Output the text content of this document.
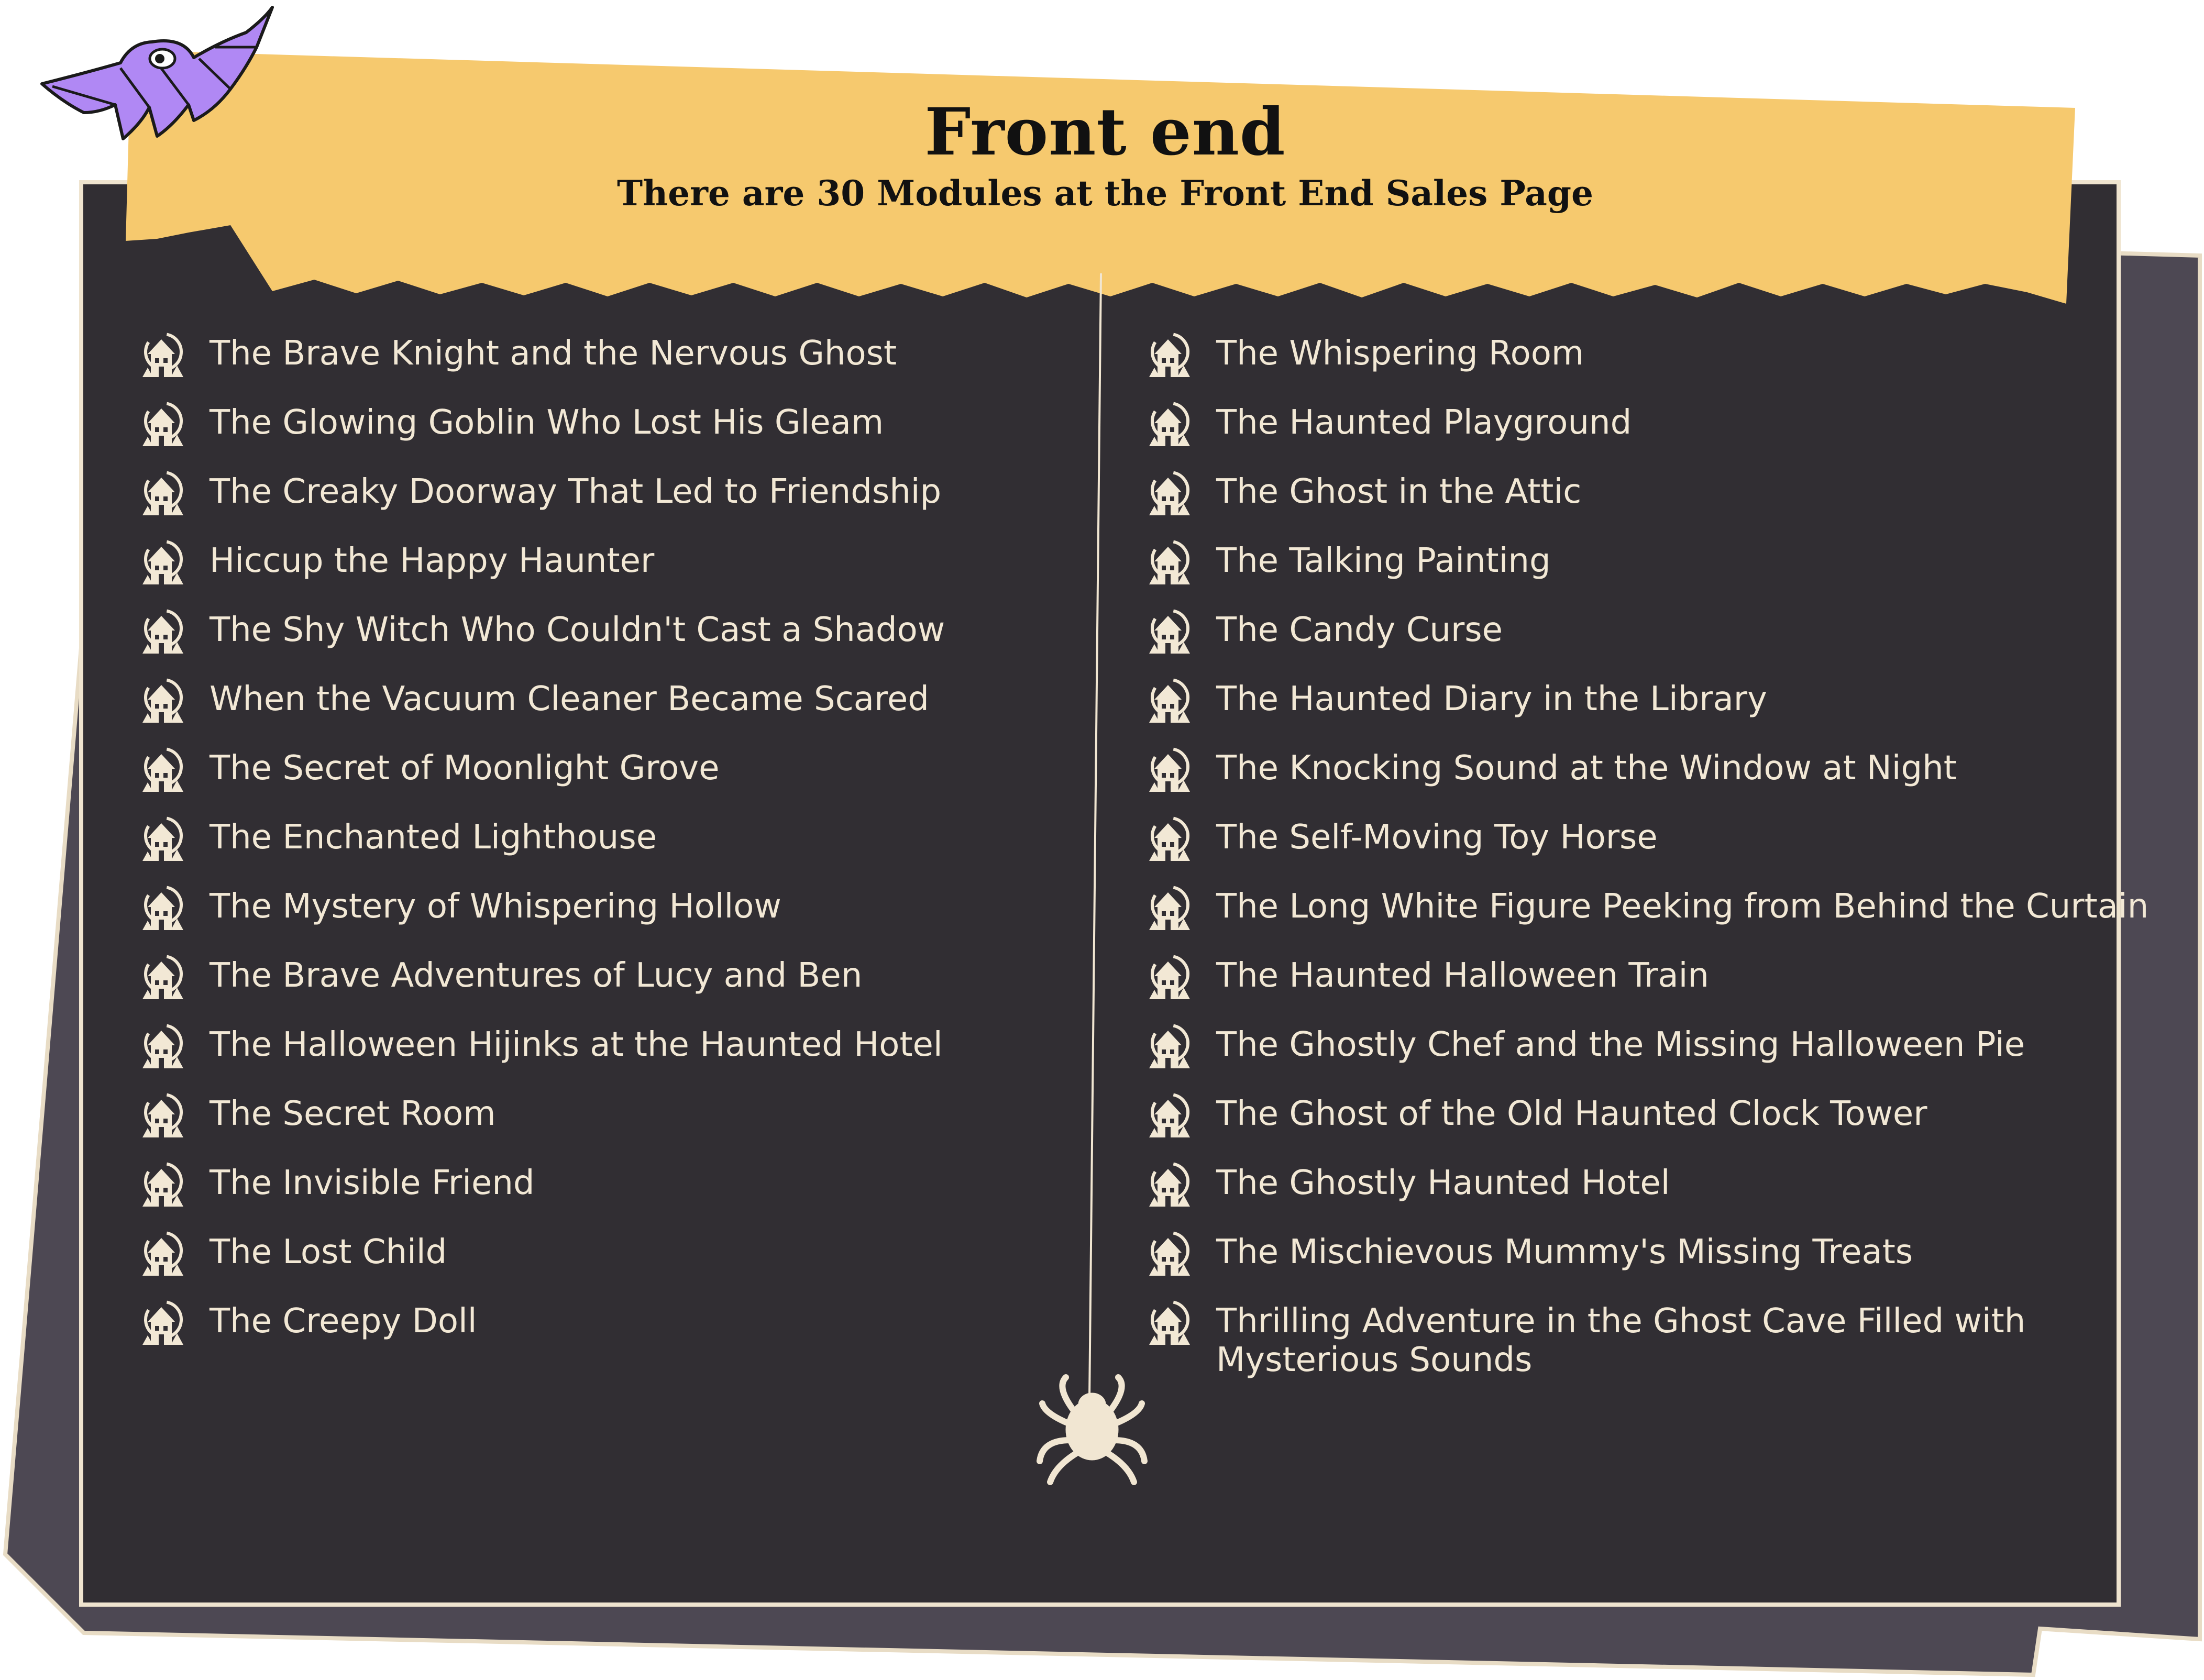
Front end
There are 30 Modules at the Front End Sales Page
The Brave Knight and the Nervous Ghost
The Glowing Goblin Who Lost His Gleam
The Creaky Doorway That Led to Friendship
Hiccup the Happy Haunter
The Shy Witch Who Couldn't Cast a Shadow
When the Vacuum Cleaner Became Scared
The Secret of Moonlight Grove
The Enchanted Lighthouse
The Mystery of Whispering Hollow
The Brave Adventures of Lucy and Ben
The Halloween Hijinks at the Haunted Hotel
The Secret Room
The Invisible Friend
The Lost Child
The Creepy Doll
The Whispering Room
The Haunted Playground
The Ghost in the Attic
The Talking Painting
The Candy Curse
The Haunted Diary in the Library
The Knocking Sound at the Window at Night
The Self-Moving Toy Horse
The Long White Figure Peeking from Behind the Curtain
The Haunted Halloween Train
The Ghostly Chef and the Missing Halloween Pie
The Ghost of the Old Haunted Clock Tower
The Ghostly Haunted Hotel
The Mischievous Mummy's Missing Treats
Thrilling Adventure in the Ghost Cave Filled with Mysterious Sounds
